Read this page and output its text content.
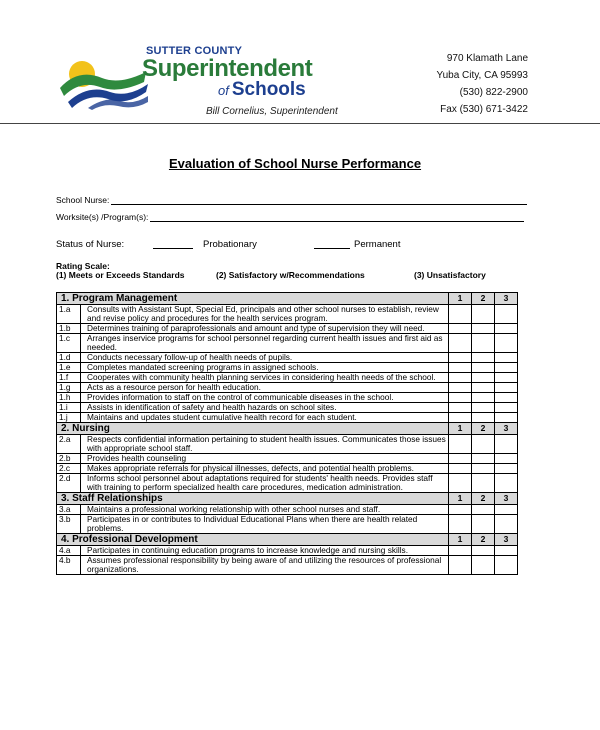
SUTTER COUNTY
Superintendent
of Schools
Bill Cornelius, Superintendent
970 Klamath Lane
Yuba City, CA 95993
(530) 822-2900
Fax (530) 671-3422
Evaluation of School Nurse Performance
School Nurse:
Worksite(s) /Program(s):
Status of Nurse:	Probationary	Permanent
Rating Scale:
(1) Meets or Exceeds Standards	(2) Satisfactory w/Recommendations	(3) Unsatisfactory
1. Program Management		1	2	3
1.a	Consults with Assistant Supt, Special Ed, principals and other school nurses to establish, review and revise policy and procedures for the health services program.			
1.b	Determines training of paraprofessionals and amount and type of supervision they will need.			
1.c	Arranges inservice programs for school personnel regarding current health issues and first aid as needed.			
1.d	Conducts necessary follow-up of health needs of pupils.			
1.e	Completes mandated screening programs in assigned schools.			
1.f	Cooperates with community health planning services in considering health needs of the school.			
1.g	Acts as a resource person for health education.			
1.h	Provides information to staff on the control of communicable diseases in the school.			
1.i	Assists in identification of safety and health hazards on school sites.			
1.j	Maintains and updates student cumulative health record for each student.			
2. Nursing		1	2	3
2.a	Respects confidential information pertaining to student health issues. Communicates those issues with appropriate school staff.			
2.b	Provides health counseling			
2.c	Makes appropriate referrals for physical illnesses, defects, and potential health problems.			
2.d	Informs school personnel about adaptations required for students' health needs. Provides staff with training to perform specialized health care procedures, medication administration.			
3. Staff Relationships		1	2	3
3.a	Maintains a professional working relationship with other school nurses and staff.			
3.b	Participates in or contributes to Individual Educational Plans when there are health related problems.			
4. Professional Development		1	2	3
4.a	Participates in continuing education programs to increase knowledge and nursing skills.			
4.b	Assumes professional responsibility by being aware of and utilizing the resources of professional organizations.			
